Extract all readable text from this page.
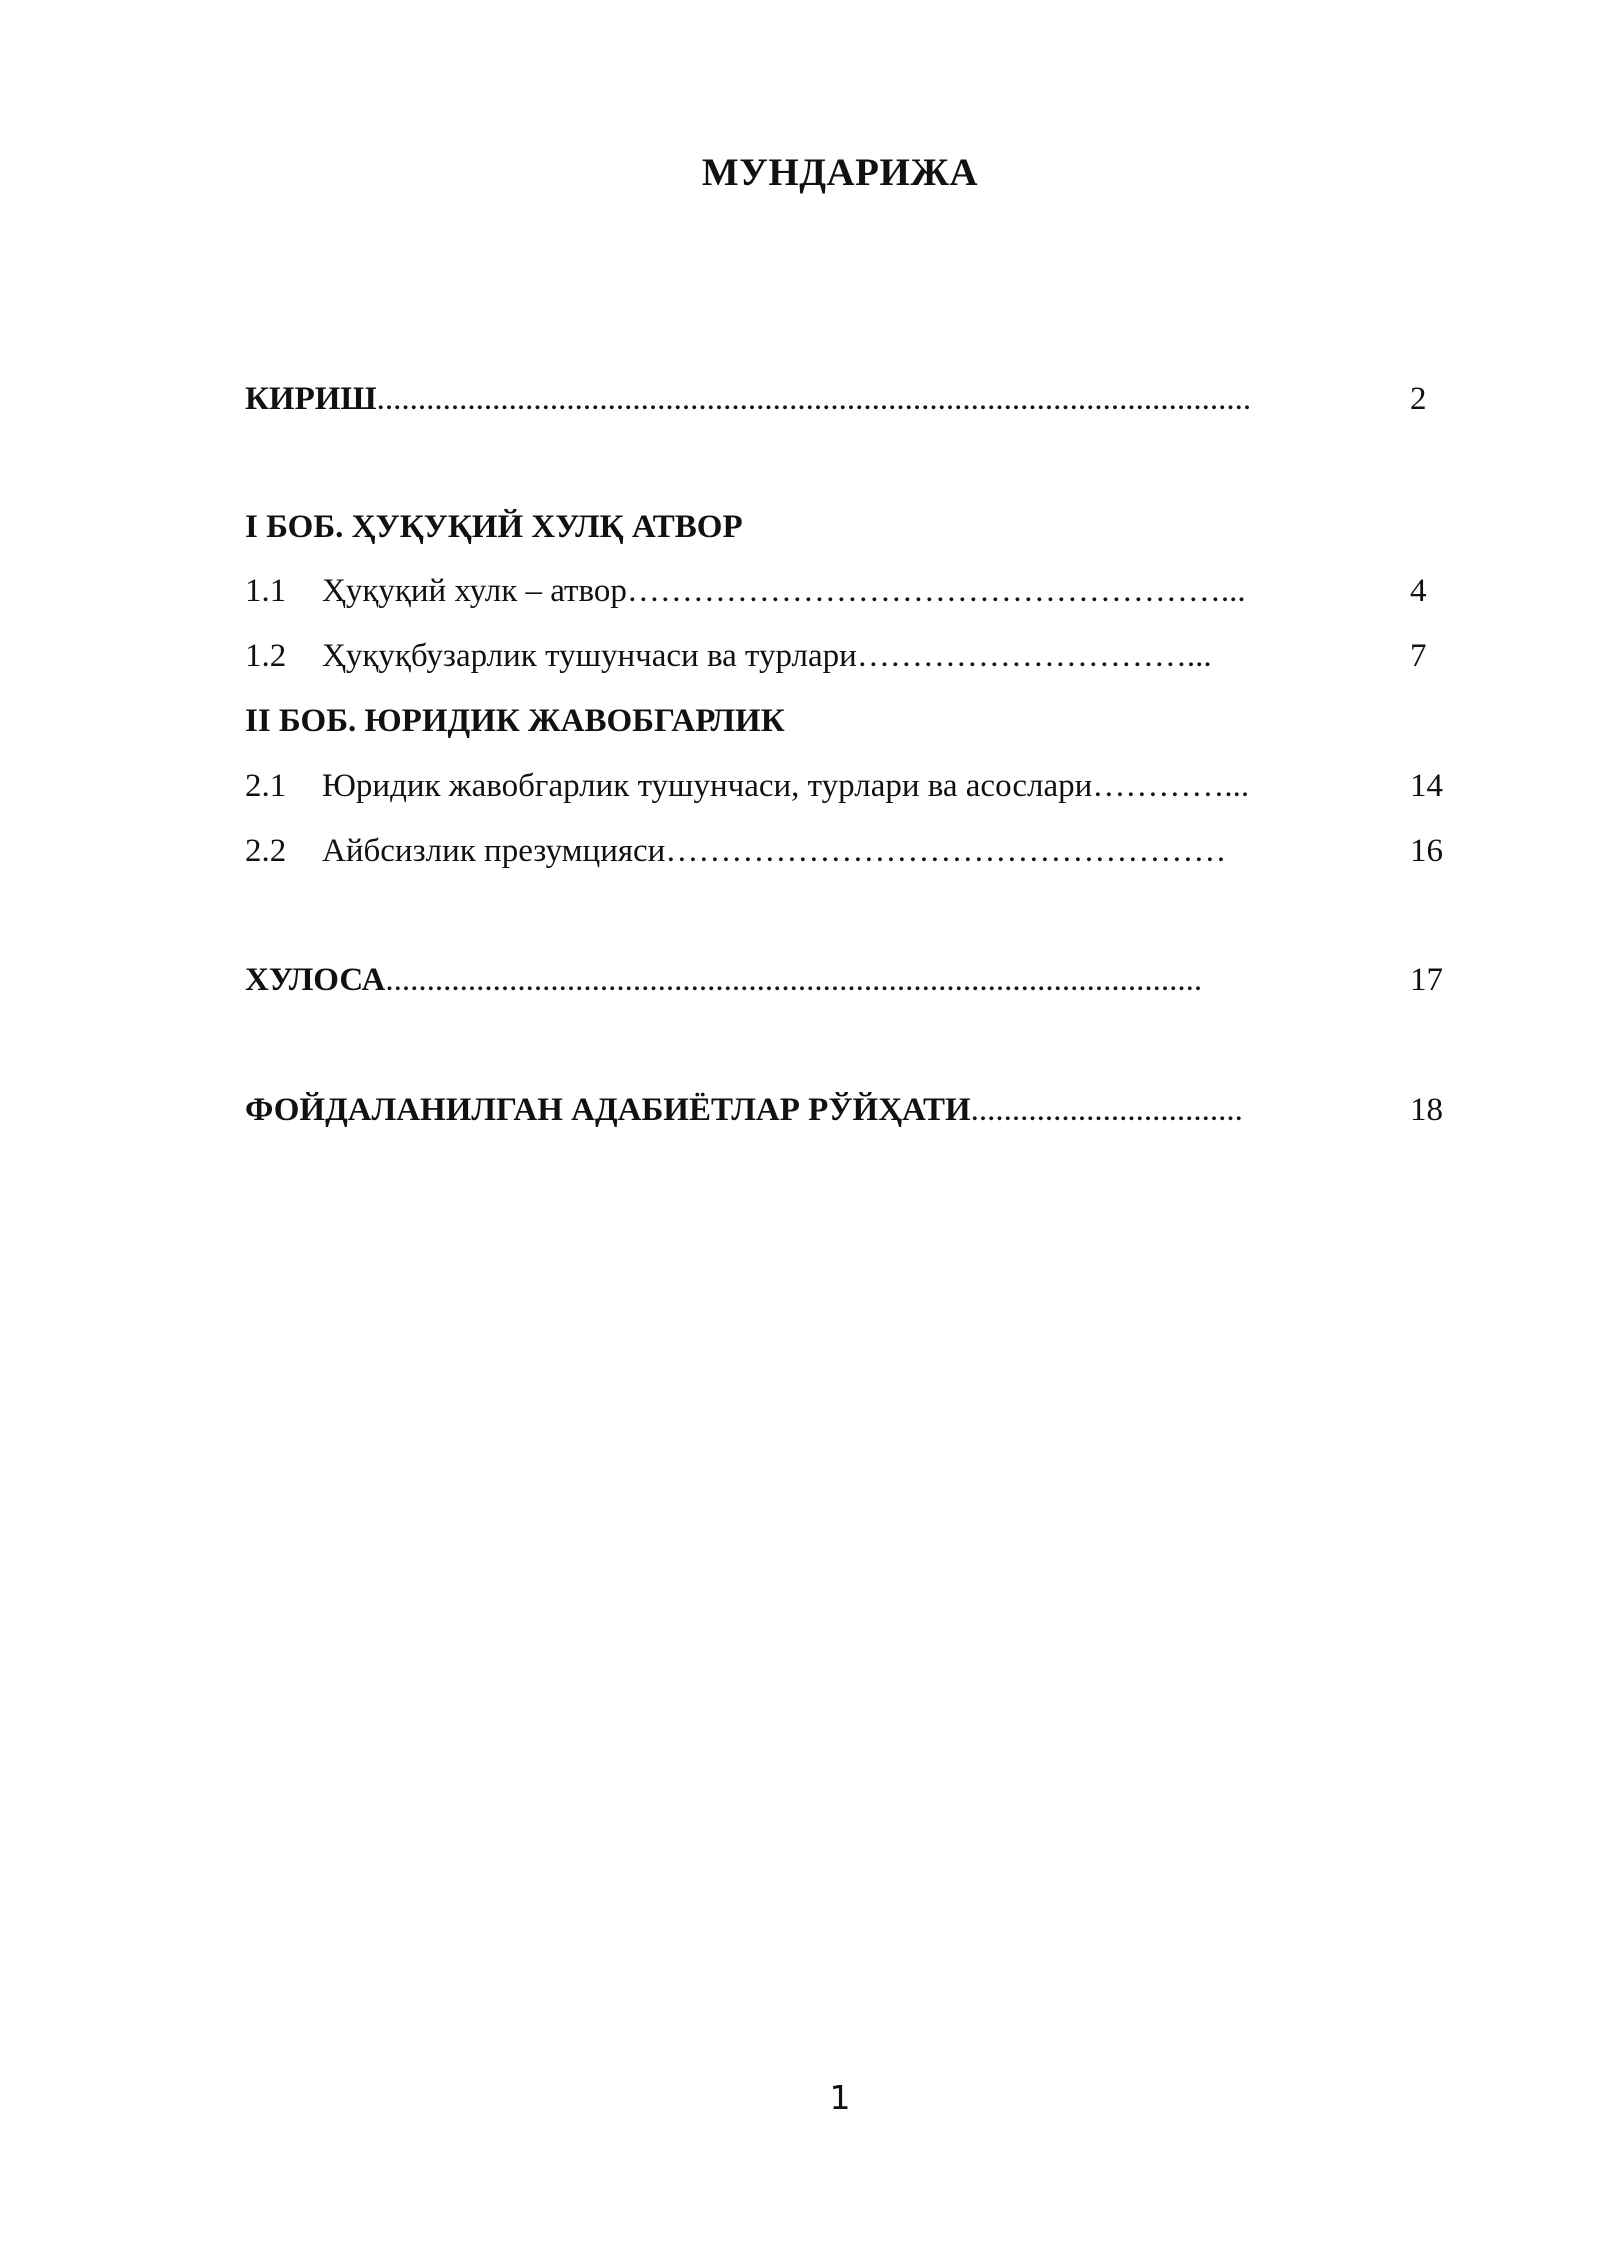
МУНДАРИЖА
КИРИШ..........................................................................................................	2
I БОБ. ҲУҚУҚИЙ ХУЛҚ АТВОР
1.1 Ҳуқуқий хулк – атвор………………………………………………...	4
1.2 Ҳуқуқбузарлик тушунчаси ва турлари…………………………...	7
II БОБ. ЮРИДИК ЖАВОБГАРЛИК
2.1 Юридик жавобгарлик тушунчаси, турлари ва асослари…………...	14
2.2 Айбсизлик презумцияси……………………………………………	16
ХУЛОСА...................................................................................................	17
ФОЙДАЛАНИЛГАН АДАБИЁТЛАР РЎЙҲАТИ.................................	18
1
